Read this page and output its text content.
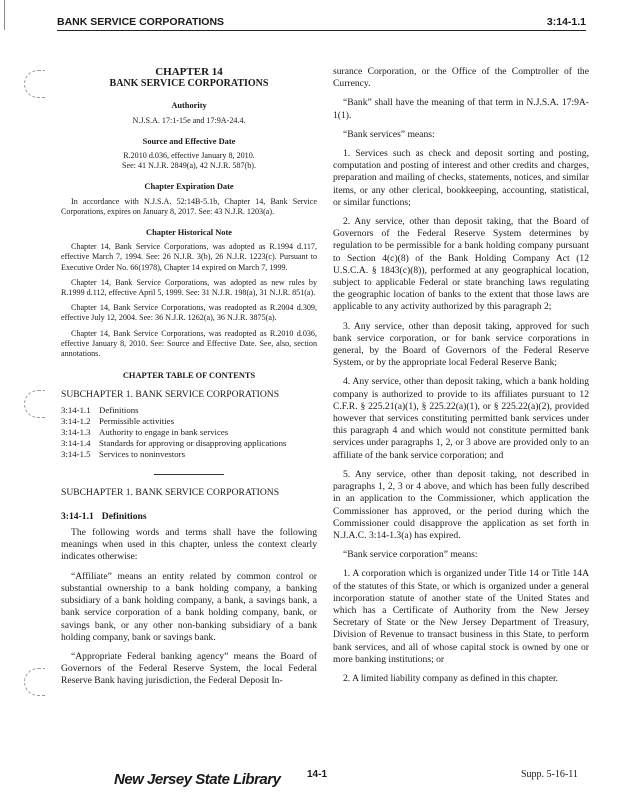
BANK SERVICE CORPORATIONS	3:14-1.1

CHAPTER 14

BANK SERVICE CORPORATIONS

Authority

N.J.S.A. 17:1-15e and 17:9A-24.4.

Source and Effective Date

R.2010 d.036, effective January 8, 2010.

See: 41 N.J.R. 2849(a), 42 N.J.R. 587(b).

Chapter Expiration Date

In accordance with N.J.S.A. 52:14B-5.1b, Chapter 14, Bank Service Corporations, expires on January 8, 2017. See: 43 N.J.R. 1203(a).

Chapter Historical Note

Chapter 14, Bank Service Corporations, was adopted as R.1994 d.117, effective March 7, 1994. See: 26 N.J.R. 3(b), 26 N.J.R. 1223(c). Pursuant to Executive Order No. 66(1978), Chapter 14 expired on March 7, 1999.

Chapter 14, Bank Service Corporations, was adopted as new rules by R.1999 d.112, effective April 5, 1999. See: 31 N.J.R. 198(a), 31 N.J.R. 851(a).

Chapter 14, Bank Service Corporations, was readopted as R.2004 d.309, effective July 12, 2004. See: 36 N.J.R. 1262(a), 36 N.J.R. 3875(a).

Chapter 14, Bank Service Corporations, was readopted as R.2010 d.036, effective January 8, 2010. See: Source and Effective Date. See, also, section annotations.

CHAPTER TABLE OF CONTENTS

SUBCHAPTER 1. BANK SERVICE CORPORATIONS

3:14-1.1 Definitions
3:14-1.2 Permissible activities
3:14-1.3 Authority to engage in bank services
3:14-1.4 Standards for approving or disapproving applications
3:14-1.5 Services to noninvestors

SUBCHAPTER 1. BANK SERVICE CORPORATIONS

3:14-1.1 Definitions

The following words and terms shall have the following meanings when used in this chapter, unless the context clearly indicates otherwise:

“Affiliate” means an entity related by common control or substantial ownership to a bank holding company, a banking subsidiary of a bank holding company, a bank, a savings bank, a bank service corporation of a bank holding company, bank, or savings bank, or any other non-banking subsidiary of a bank holding company, bank or savings bank.

“Appropriate Federal banking agency” means the Board of Governors of the Federal Reserve System, the local Federal Reserve Bank having jurisdiction, the Federal Deposit In-

surance Corporation, or the Office of the Comptroller of the Currency.

“Bank” shall have the meaning of that term in N.J.S.A. 17:9A-1(1).

“Bank services” means:

1. Services such as check and deposit sorting and posting, computation and posting of interest and other credits and charges, preparation and mailing of checks, statements, notices, and similar items, or any other clerical, bookkeeping, accounting, statistical, or similar functions;

2. Any service, other than deposit taking, that the Board of Governors of the Federal Reserve System determines by regulation to be permissible for a bank holding company pursuant to Section 4(c)(8) of the Bank Holding Company Act (12 U.S.C.A. § 1843(c)(8)), performed at any geographical location, subject to applicable Federal or state branching laws regulating the geographic location of banks to the extent that those laws are applicable to any activity authorized by this paragraph 2;

3. Any service, other than deposit taking, approved for such bank service corporation, or for bank service corporations in general, by the Board of Governors of the Federal Reserve System, or by the appropriate local Federal Reserve Bank;

4. Any service, other than deposit taking, which a bank holding company is authorized to provide to its affiliates pursuant to 12 C.F.R. § 225.21(a)(1), § 225.22(a)(1), or § 225.22(a)(2), provided however that services constituting permitted bank services under this paragraph 4 and which would not constitute permitted bank services under paragraphs 1, 2, or 3 above are provided only to an affiliate of the bank service corporation; and

5. Any service, other than deposit taking, not described in paragraphs 1, 2, 3 or 4 above, and which has been fully described in an application to the Commissioner, which application the Commissioner has approved, or the period during which the Commissioner could disapprove the application as set forth in N.J.A.C. 3:14-1.3(a) has expired.

“Bank service corporation” means:

1. A corporation which is organized under Title 14 or Title 14A of the statutes of this State, or which is organized under a general incorporation statute of another state of the United States and which has a Certificate of Authority from the New Jersey Secretary of State or the New Jersey Department of Treasury, Division of Revenue to transact business in this State, to perform bank services, and all of whose capital stock is owned by one or more banking institutions; or

2. A limited liability company as defined in this chapter.

New Jersey State Library	14-1	Supp. 5-16-11
